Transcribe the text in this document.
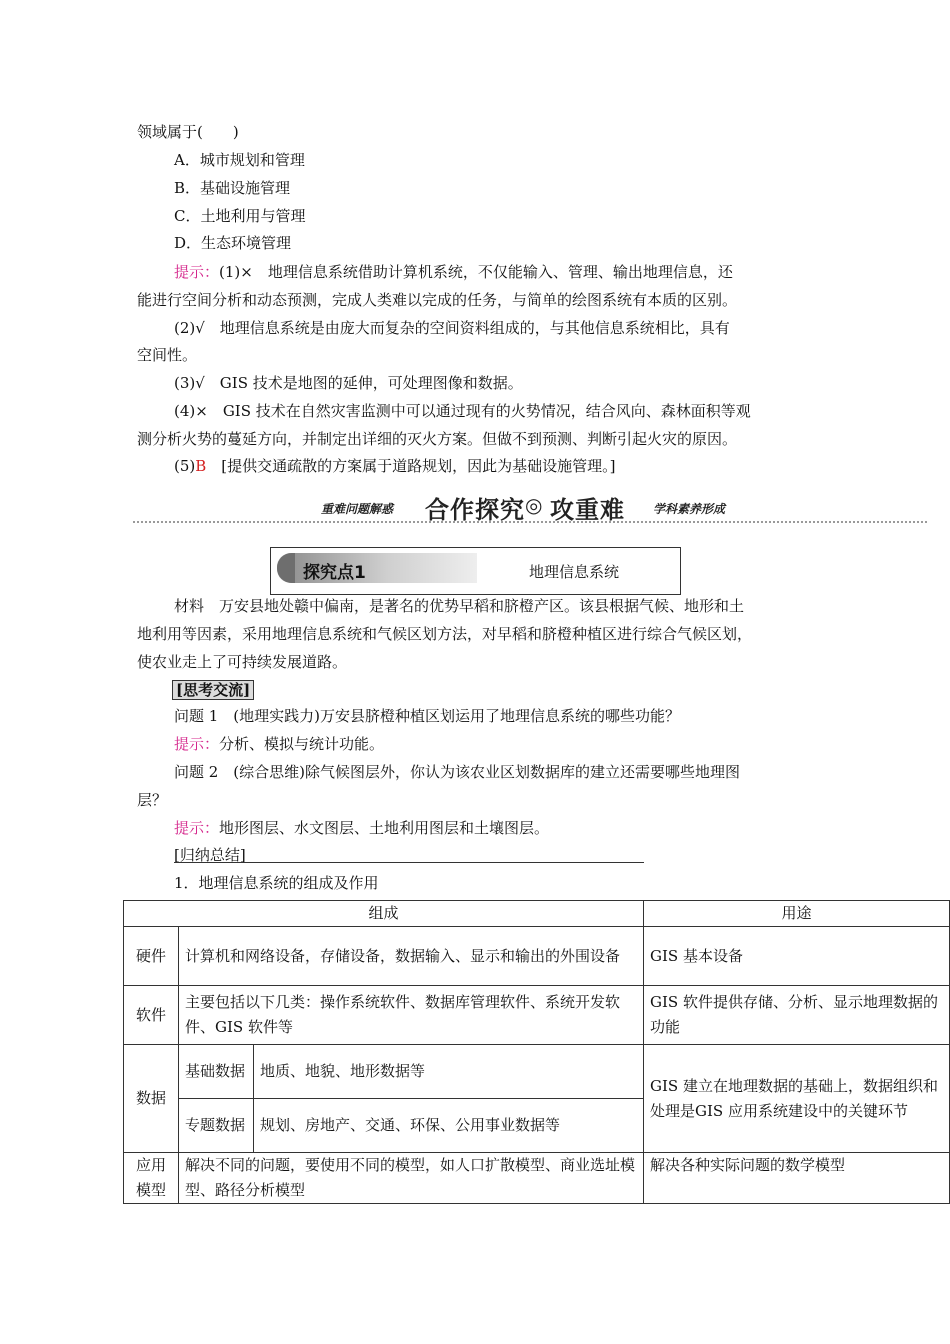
领域属于(　　)
A．城市规划和管理
B．基础设施管理
C．土地利用与管理
D．生态环境管理
提示：(1)×　 地理信息系统借助计算机系统，不仅能输入、管理、输出地理信息，还
能进行空间分析和动态预测，完成人类难以完成的任务，与简单的绘图系统有本质的区别。
(2)√　地理信息系统是由庞大而复杂的空间资料组成的，与其他信息系统相比，具有
空间性。
(3)√　GIS 技术是地图的延伸，可处理图像和数据。
(4)×　GIS 技术在自然灾害监测中可以通过现有的火势情况，结合风向、森林面积等观
测分析火势的蔓延方向，并制定出详细的灭火方案。但做不到预测、判断引起火灾的原因。
(5)B　 [提供交通疏散的方案属于道路规划，因此为基础设施管理。]
重难问题解惑 合作探究 ◎ 攻重难 学科素养形成
探究点1	地理信息系统
材料　万安县地处赣中偏南，是著名的优势早稻和脐橙产区。该县根据气候、地形和土
地利用等因素，采用地理信息系统和气候区划方法，对早稻和脐橙种植区进行综合气候区划，
使农业走上了可持续发展道路。
[思考交流]
问题 1　(地理实践力)万安县脐橙种植区划运用了地理信息系统的哪些功能？
提示：分析、模拟与统计功能。
问题 2　(综合思维)除气候图层外，你认为该农业区划数据库的建立还需要哪些地理图
层？
提示：地形图层、水文图层、土地利用图层和土壤图层。
[归纳总结]
1．地理信息系统的组成及作用
组成			用途
硬件	计算机和网络设备，存储设备，数据输入、显示和输出的外围设备		GIS 基本设备
软件	主要包括以下几类：操作系统软件、数据库管理软件、系统开发软件、GIS 软件等		GIS 软件提供存储、分析、显示地理数据的功能
数据	基础数据	地质、地貌、地形数据等	GIS 建立在地理数据的基础上，数据组织和处理是GIS 应用系统建设中的关键环节
	专题数据	规划、房地产、交通、环保、公用事业数据等	
应用模型	解决不同的问题，要使用不同的模型，如人口扩散模型、商业选址模型、路径分析模型		解决各种实际问题的数学模型
